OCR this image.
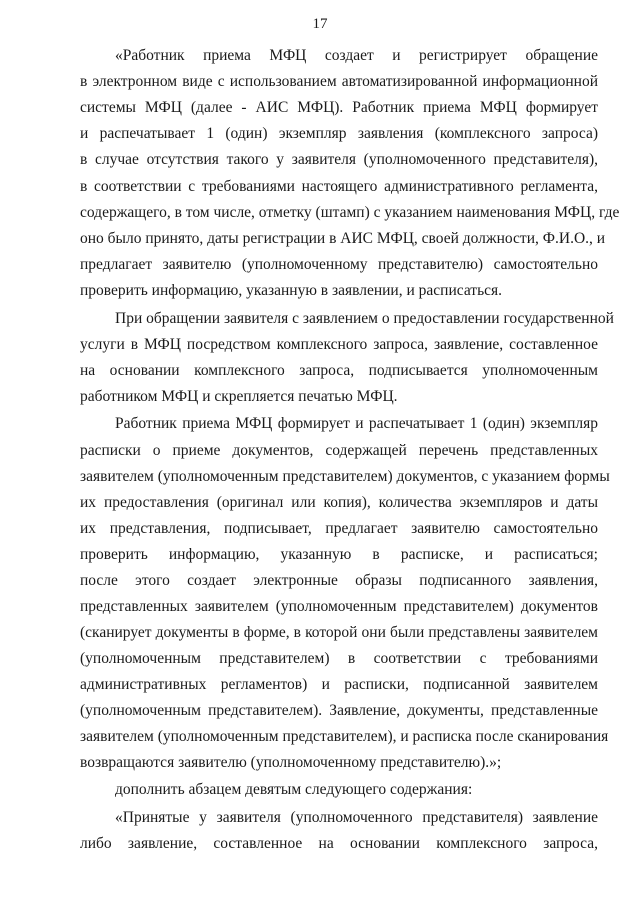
17
«Работник приема МФЦ создает и регистрирует обращение
в электронном виде с использованием автоматизированной информационной
системы МФЦ (далее - АИС МФЦ). Работник приема МФЦ формирует
и распечатывает 1 (один) экземпляр заявления (комплексного запроса)
в случае отсутствия такого у заявителя (уполномоченного представителя),
в соответствии с требованиями настоящего административного регламента,
содержащего, в том числе, отметку (штамп) с указанием наименования МФЦ, где
оно было принято, даты регистрации в АИС МФЦ, своей должности, Ф.И.О., и
предлагает заявителю (уполномоченному представителю) самостоятельно
проверить информацию, указанную в заявлении, и расписаться.
При обращении заявителя с заявлением о предоставлении государственной
услуги в МФЦ посредством комплексного запроса, заявление, составленное
на основании комплексного запроса, подписывается уполномоченным
работником МФЦ и скрепляется печатью МФЦ.
Работник приема МФЦ формирует и распечатывает 1 (один) экземпляр
расписки о приеме документов, содержащей перечень представленных
заявителем (уполномоченным представителем) документов, с указанием формы
их предоставления (оригинал или копия), количества экземпляров и даты
их представления, подписывает, предлагает заявителю самостоятельно
проверить информацию, указанную в расписке, и расписаться;
после этого создает электронные образы подписанного заявления,
представленных заявителем (уполномоченным представителем) документов
(сканирует документы в форме, в которой они были представлены заявителем
(уполномоченным представителем) в соответствии с требованиями
административных регламентов) и расписки, подписанной заявителем
(уполномоченным представителем). Заявление, документы, представленные
заявителем (уполномоченным представителем), и расписка после сканирования
возвращаются заявителю (уполномоченному представителю).»;
дополнить абзацем девятым следующего содержания:
«Принятые у заявителя (уполномоченного представителя) заявление
либо заявление, составленное на основании комплексного запроса,
